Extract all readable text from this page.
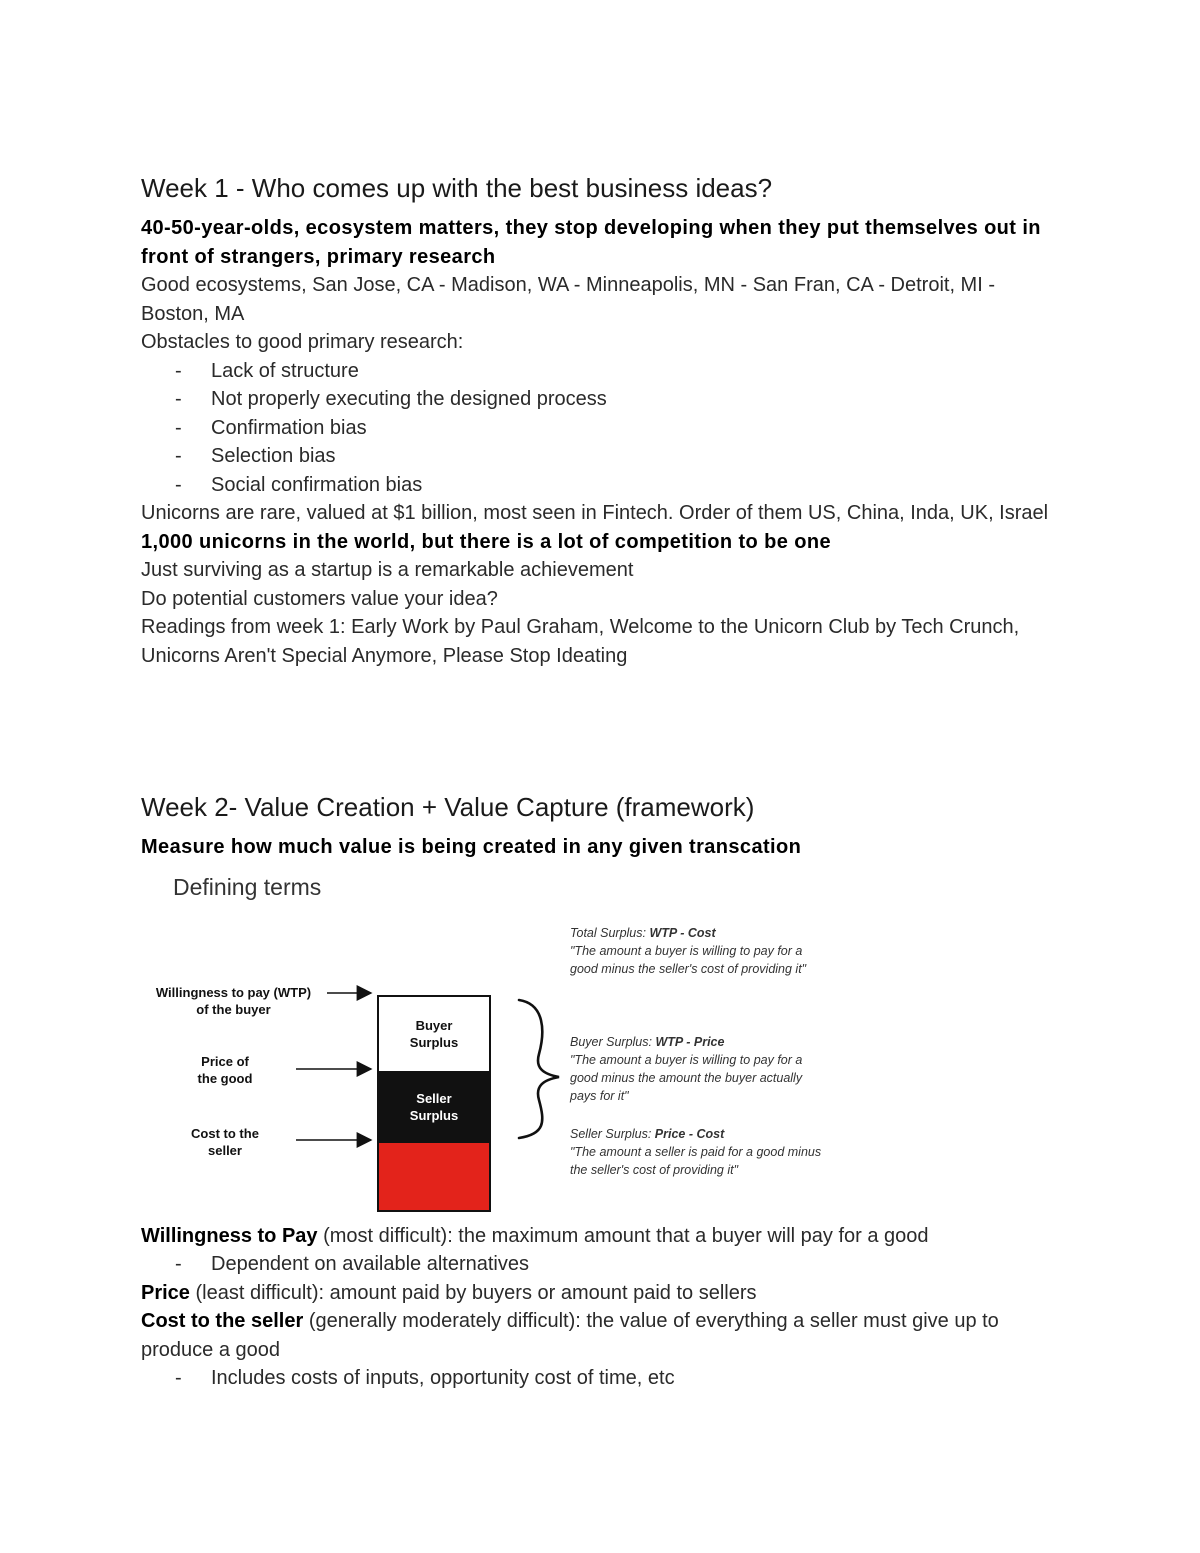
Week 1 - Who comes up with the best business ideas?

40-50-year-olds, ecosystem matters, they stop developing when they put themselves out in front of strangers, primary research

Good ecosystems, San Jose, CA - Madison, WA - Minneapolis, MN - San Fran, CA - Detroit, MI - Boston, MA

Obstacles to good primary research:

- Lack of structure
- Not properly executing the designed process
- Confirmation bias
- Selection bias
- Social confirmation bias

Unicorns are rare, valued at $1 billion, most seen in Fintech. Order of them US, China, Inda, UK, Israel

1,000 unicorns in the world, but there is a lot of competition to be one

Just surviving as a startup is a remarkable achievement

Do potential customers value your idea?

Readings from week 1: Early Work by Paul Graham, Welcome to the Unicorn Club by Tech Crunch, Unicorns Aren't Special Anymore, Please Stop Ideating

Week 2- Value Creation + Value Capture (framework)

Measure how much value is being created in any given transcation

Defining terms
Willingness to pay (WTP)
of the buyer
Price of
the good
Cost to the
seller
Buyer
Surplus
Seller
Surplus
Total Surplus: WTP - Cost
"The amount a buyer is willing to pay for a good minus the seller's cost of providing it"
Buyer Surplus: WTP - Price
"The amount a buyer is willing to pay for a good minus the amount the buyer actually pays for it"
Seller Surplus: Price - Cost
"The amount a seller is paid for a good minus the seller's cost of providing it"

Willingness to Pay (most difficult): the maximum amount that a buyer will pay for a good

- Dependent on available alternatives

Price (least difficult): amount paid by buyers or amount paid to sellers

Cost to the seller (generally moderately difficult): the value of everything a seller must give up to produce a good

- Includes costs of inputs, opportunity cost of time, etc
